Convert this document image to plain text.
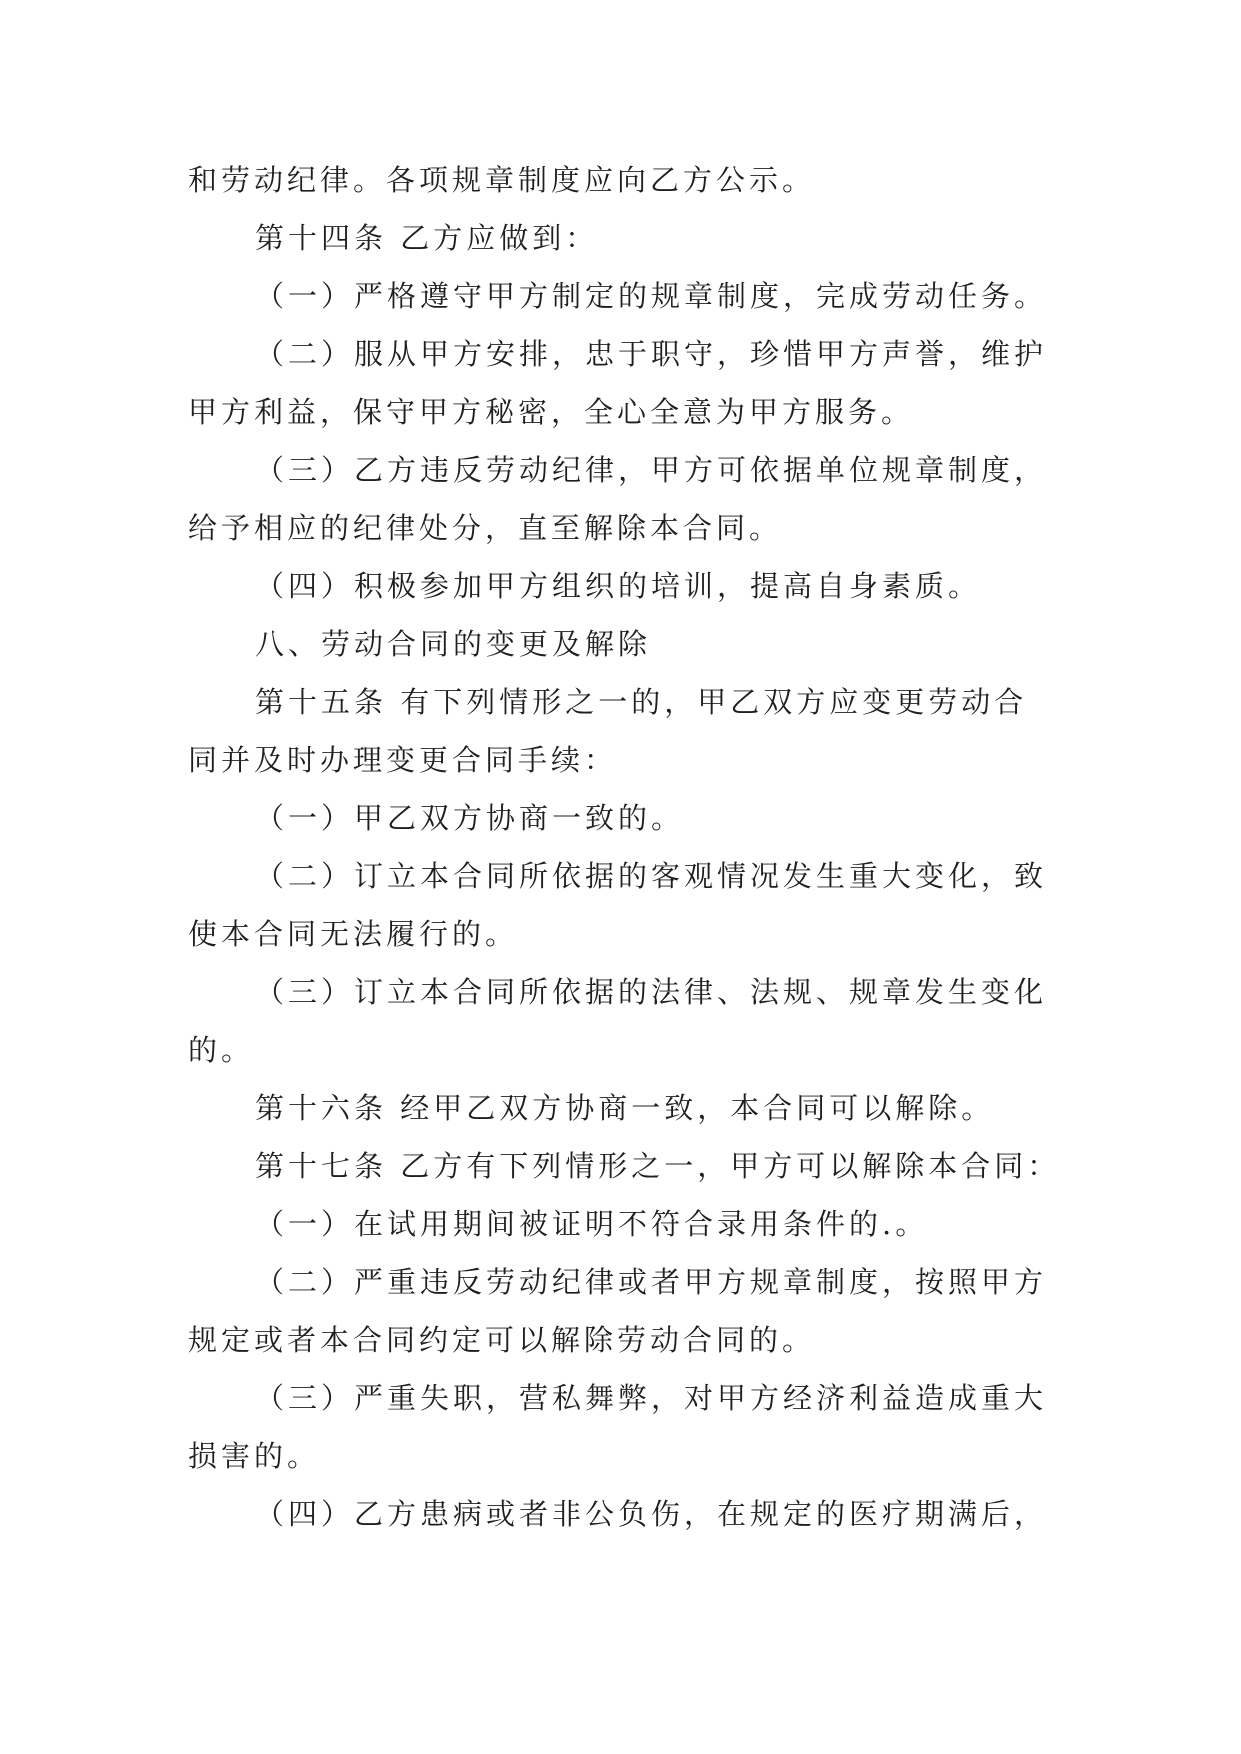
和劳动纪律。各项规章制度应向乙方公示。
第十四条 乙方应做到：
（一）严格遵守甲方制定的规章制度，完成劳动任务。
（二）服从甲方安排，忠于职守，珍惜甲方声誉，维护
甲方利益，保守甲方秘密，全心全意为甲方服务。
（三）乙方违反劳动纪律，甲方可依据单位规章制度，
给予相应的纪律处分，直至解除本合同。
（四）积极参加甲方组织的培训，提高自身素质。
八、劳动合同的变更及解除
第十五条 有下列情形之一的，甲乙双方应变更劳动合
同并及时办理变更合同手续：
（一）甲乙双方协商一致的。
（二）订立本合同所依据的客观情况发生重大变化，致
使本合同无法履行的。
（三）订立本合同所依据的法律、法规、规章发生变化
的。
第十六条 经甲乙双方协商一致，本合同可以解除。
第十七条 乙方有下列情形之一，甲方可以解除本合同：
（一）在试用期间被证明不符合录用条件的.。
（二）严重违反劳动纪律或者甲方规章制度，按照甲方
规定或者本合同约定可以解除劳动合同的。
（三）严重失职，营私舞弊，对甲方经济利益造成重大
损害的。
（四）乙方患病或者非公负伤，在规定的医疗期满后，
